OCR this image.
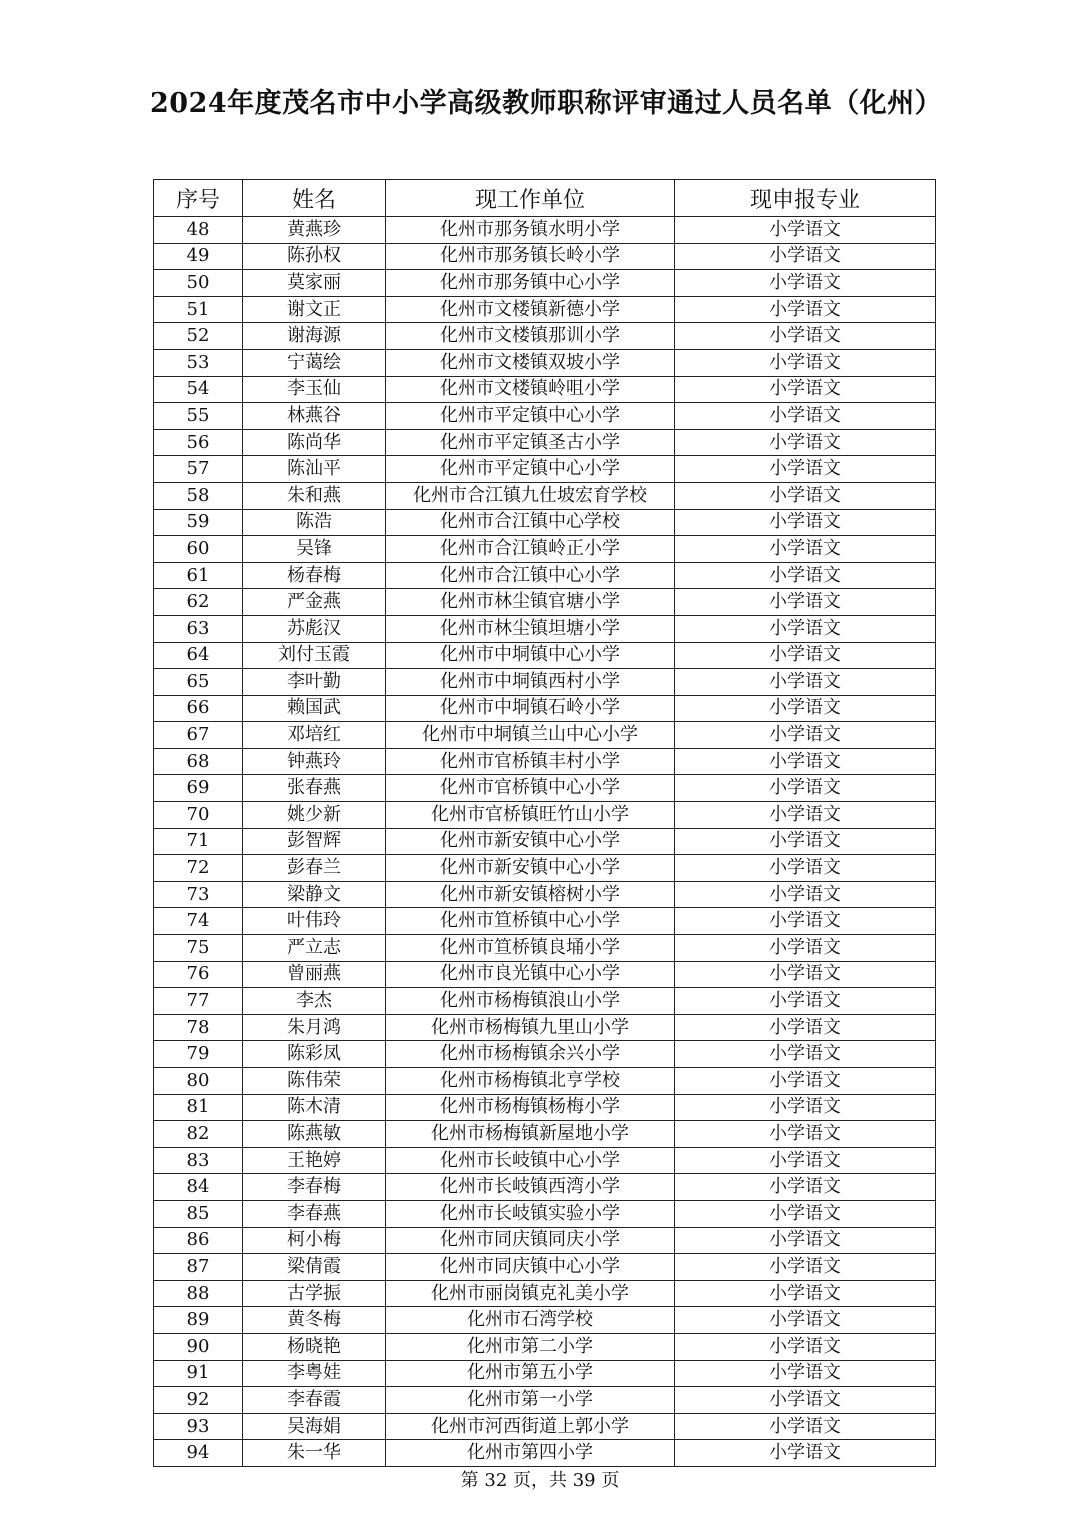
2024年度茂名市中小学高级教师职称评审通过人员名单（化州）
序号	姓名	现工作单位	现申报专业
48	黄燕珍	化州市那务镇水明小学	小学语文
49	陈孙权	化州市那务镇长岭小学	小学语文
50	莫家丽	化州市那务镇中心小学	小学语文
51	谢文正	化州市文楼镇新德小学	小学语文
52	谢海源	化州市文楼镇那训小学	小学语文
53	宁蔼绘	化州市文楼镇双坡小学	小学语文
54	李玉仙	化州市文楼镇岭咀小学	小学语文
55	林燕谷	化州市平定镇中心小学	小学语文
56	陈尚华	化州市平定镇圣古小学	小学语文
57	陈汕平	化州市平定镇中心小学	小学语文
58	朱和燕	化州市合江镇九仕坡宏育学校	小学语文
59	陈浩	化州市合江镇中心学校	小学语文
60	吴锋	化州市合江镇岭正小学	小学语文
61	杨春梅	化州市合江镇中心小学	小学语文
62	严金燕	化州市林尘镇官塘小学	小学语文
63	苏彪汉	化州市林尘镇坦塘小学	小学语文
64	刘付玉霞	化州市中垌镇中心小学	小学语文
65	李叶勤	化州市中垌镇西村小学	小学语文
66	赖国武	化州市中垌镇石岭小学	小学语文
67	邓培红	化州市中垌镇兰山中心小学	小学语文
68	钟燕玲	化州市官桥镇丰村小学	小学语文
69	张春燕	化州市官桥镇中心小学	小学语文
70	姚少新	化州市官桥镇旺竹山小学	小学语文
71	彭智辉	化州市新安镇中心小学	小学语文
72	彭春兰	化州市新安镇中心小学	小学语文
73	梁静文	化州市新安镇榕树小学	小学语文
74	叶伟玲	化州市笪桥镇中心小学	小学语文
75	严立志	化州市笪桥镇良埇小学	小学语文
76	曾丽燕	化州市良光镇中心小学	小学语文
77	李杰	化州市杨梅镇浪山小学	小学语文
78	朱月鸿	化州市杨梅镇九里山小学	小学语文
79	陈彩凤	化州市杨梅镇余兴小学	小学语文
80	陈伟荣	化州市杨梅镇北亨学校	小学语文
81	陈木清	化州市杨梅镇杨梅小学	小学语文
82	陈燕敏	化州市杨梅镇新屋地小学	小学语文
83	王艳婷	化州市长岐镇中心小学	小学语文
84	李春梅	化州市长岐镇西湾小学	小学语文
85	李春燕	化州市长岐镇实验小学	小学语文
86	柯小梅	化州市同庆镇同庆小学	小学语文
87	梁倩霞	化州市同庆镇中心小学	小学语文
88	古学振	化州市丽岗镇克礼美小学	小学语文
89	黄冬梅	化州市石湾学校	小学语文
90	杨晓艳	化州市第二小学	小学语文
91	李粤娃	化州市第五小学	小学语文
92	李春霞	化州市第一小学	小学语文
93	吴海娟	化州市河西街道上郭小学	小学语文
94	朱一华	化州市第四小学	小学语文
第 32 页，共 39 页
